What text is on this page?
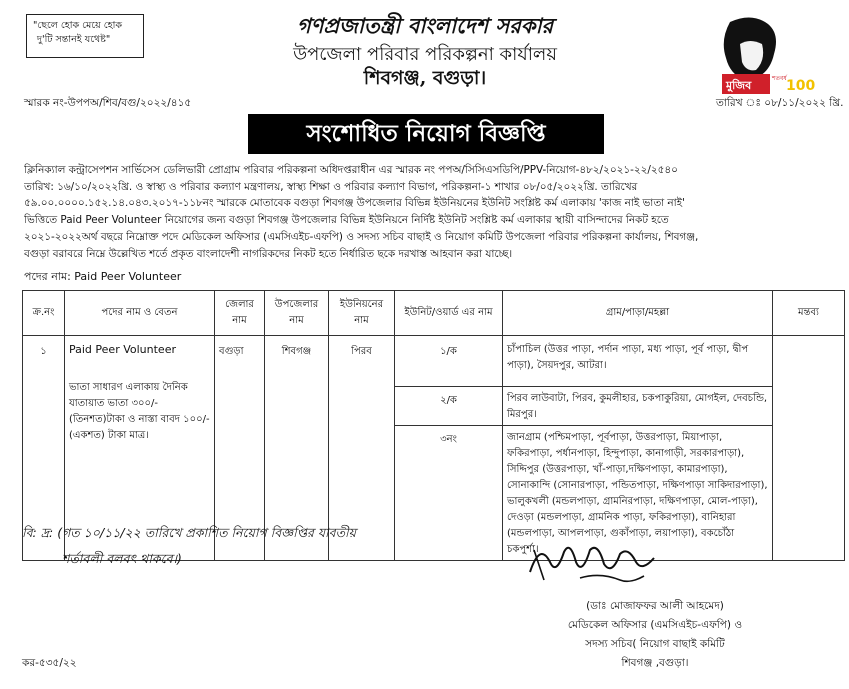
"ছেলে হোক মেয়ে হোক
দু'টি সন্তানই যথেষ্ট"
গণপ্রজাতন্ত্রী বাংলাদেশ সরকার
উপজেলা পরিবার পরিকল্পনা কার্যালয়
শিবগঞ্জ, বগুড়া।	মুজিব
শতবর্ষ 100
স্মারক নং-উপপঅ/শিব/বগু/২০২২/৪১৫	তারিখ ঃ ০৮/১১/২০২২ খ্রি.
সংশোধিত নিয়োগ বিজ্ঞপ্তি
ক্লিনিক্যাল কন্ট্রাসেপশন সার্ভিসেস ডেলিভারী প্রোগ্রাম পরিবার পরিকল্পনা অধিদপ্তরাধীন এর স্মারক নং পপঅ/সিসিএসডিপি/PPV-নিয়োগ-৪৮২/২০২১-২২/২৫৪০
তারিখ: ১৬/১০/২০২২খ্রি. ও স্বাস্থ্য ও পরিবার কল্যাণ মন্ত্রণালয়, স্বাস্থ্য শিক্ষা ও পরিবার কল্যাণ বিভাগ, পরিকল্পনা-১ শাখার ০৮/০৫/২০২২খ্রি. তারিখের
৫৯.০০.০০০০.১৫২.১৪.০৪৩.২০১৭-১১৮নং স্মারকে মোতাবেক বগুড়া শিবগঞ্জ উপজেলার বিভিন্ন ইউনিয়নের ইউনিট সংশ্লিষ্ট কর্ম এলাকায় 'কাজ নাই ভাতা নাই'
ভিত্তিতে Paid Peer Volunteer নিয়োগের জন্য বগুড়া শিবগঞ্জ উপজেলার বিভিন্ন ইউনিয়নে নির্দিষ্ট ইউনিট সংশ্লিষ্ট কর্ম এলাকার স্থায়ী বাসিন্দাদের নিকট হতে
২০২১-২০২২অর্থ বছরে নিম্নোক্ত পদে মেডিকেল অফিসার (এমসিএইচ-এফপি) ও সদস্য সচিব বাছাই ও নিয়োগ কমিটি উপজেলা পরিবার পরিকল্পনা কার্যালয়, শিবগঞ্জ,
বগুড়া বরাবরে নিম্নে উল্লেখিত শর্তে প্রকৃত বাংলাদেশী নাগরিকদের নিকট হতে নির্ধারিত ছকে দরখাস্ত আহবান করা যাচ্ছে।
পদের নাম: Paid Peer Volunteer
ক্র.নং	পদের নাম ও বেতন	জেলার নাম	উপজেলার নাম	ইউনিয়নের নাম	ইউনিট/ওয়ার্ড এর নাম	গ্রাম/পাড়া/মহল্লা	মন্তব্য
১	Paid Peer Volunteer
ভাতা সাধারণ এলাকায় দৈনিক যাতায়াত ভাতা ৩০০/-(তিনশত)টাকা ও নাস্তা বাবদ ১০০/-(একশত) টাকা মাত্র।	বগুড়া	শিবগঞ্জ	পিরব	১/ক	চাঁপাচিল (উত্তর পাড়া, পর্দান পাড়া, মধ্য পাড়া, পূর্ব পাড়া, দ্বীপ পাড়া), সৈয়দপুর, আটরা।	
					২/ক	পিরব লাউবাটা, পিরব, কুমলীহার, চকপাকুরিয়া, মোগইল, দেবচন্ডি, মিরপুর।	
					৩নং	জানগ্রাম (পশ্চিমপাড়া, পূর্বপাড়া, উত্তরপাড়া, মিয়াপাড়া, ফকিরপাড়া, পর্ধানপাড়া, হিন্দুপাড়া, কানাগাড়ী, সরকারপাড়া), সিদ্দিপুর (উত্তরপাড়া, খাঁ-পাড়া,দক্ষিণপাড়া, কামারপাড়া), সোনাকান্দি (সোনারপাড়া, পন্ডিতপাড়া, দক্ষিণপাড়া সাকিদারপাড়া), ভালুকখলী (মন্ডলপাড়া, গ্রামনিরপাড়া, দক্ষিণপাড়া, মোল-পাড়া), দেওড়া (মন্ডলপাড়া, গ্রামনিক পাড়া, ফকিরপাড়া), বানিহারা (মন্ডলপাড়া, আপলপাড়া, গুকাঁপাড়া, লয়াপাড়া), বকচোঁঠা চকপুর্শা।	
বি: দ্র: (গত ১০/১১/২২ তারিখে প্রকাশিত নিয়োগ বিজ্ঞপ্তির যাবতীয়
শর্তাবলী বলবৎ থাকবে।)
(ডাঃ মোজাফফর আলী আহমেদ)
মেডিকেল অফিসার (এমসিএইচ-এফপি) ও
সদস্য সচিব( নিয়োগ বাছাই কমিটি
শিবগঞ্জ ,বগুড়া।
কর-৫৩৫/২২
